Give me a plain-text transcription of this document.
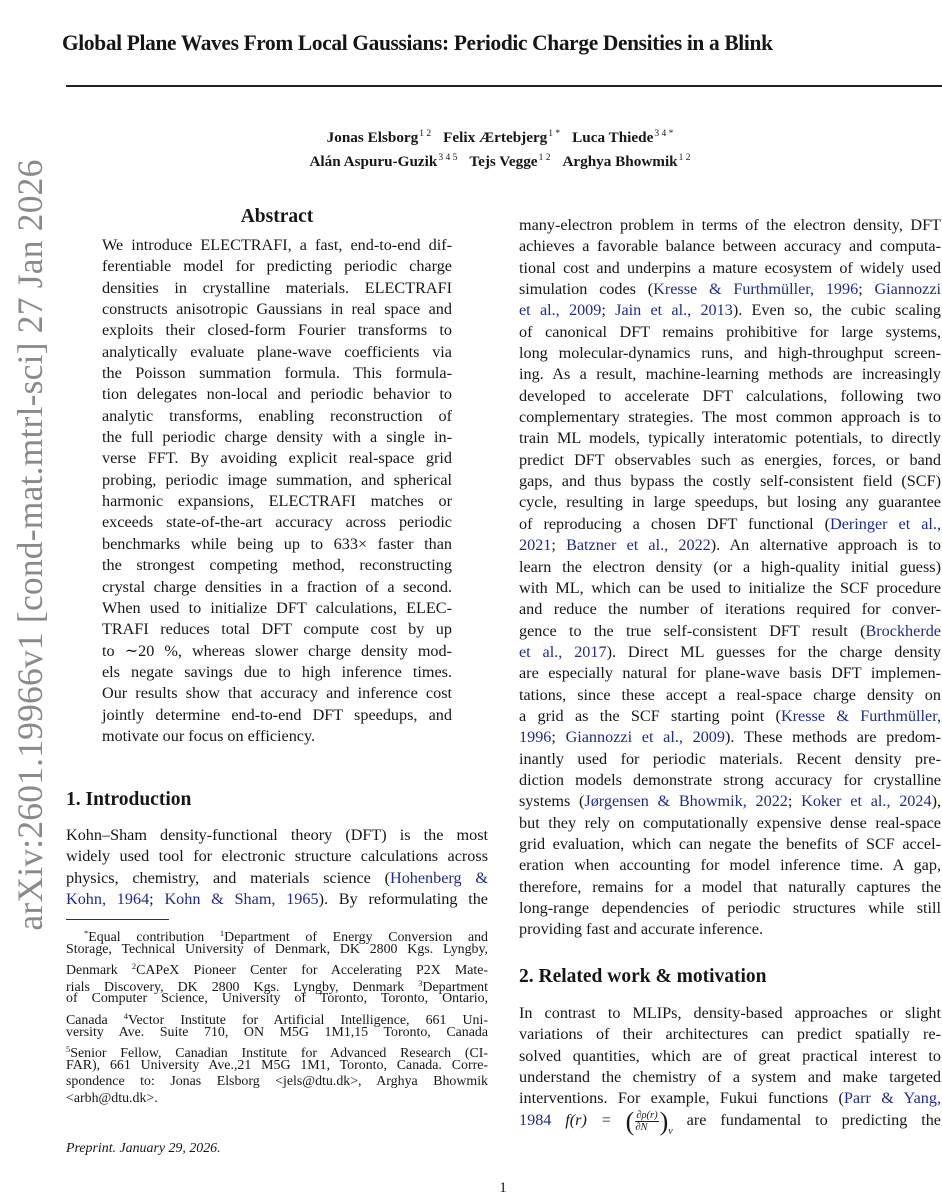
arXiv:2601.19966v1 [cond-mat.mtrl-sci] 27 Jan 2026
Global Plane Waves From Local Gaussians: Periodic Charge Densities in a Blink
Jonas Elsborg$^{1 2}$ Felix Ærtebjerg$^{1 *}$ Luca Thiede$^{3 4 *}$
Alán Aspuru-Guzik$^{3 4 5}$ Tejs Vegge$^{1 2}$ Arghya Bhowmik$^{1 2}$
Abstract
We introduce ELECTRAFI, a fast, end-to-end dif-
ferentiable model for predicting periodic charge
densities in crystalline materials. ELECTRAFI
constructs anisotropic Gaussians in real space and
exploits their closed-form Fourier transforms to
analytically evaluate plane-wave coefficients via
the Poisson summation formula. This formula-
tion delegates non-local and periodic behavior to
analytic transforms, enabling reconstruction of
the full periodic charge density with a single in-
verse FFT. By avoiding explicit real-space grid
probing, periodic image summation, and spherical
harmonic expansions, ELECTRAFI matches or
exceeds state-of-the-art accuracy across periodic
benchmarks while being up to 633× faster than
the strongest competing method, reconstructing
crystal charge densities in a fraction of a second.
When used to initialize DFT calculations, ELEC-
TRAFI reduces total DFT compute cost by up
to ∼20 %, whereas slower charge density mod-
els negate savings due to high inference times.
Our results show that accuracy and inference cost
jointly determine end-to-end DFT speedups, and
motivate our focus on efficiency.
1. Introduction
Kohn–Sham density-functional theory (DFT) is the most
widely used tool for electronic structure calculations across
physics, chemistry, and materials science (Hohenberg &
Kohn, 1964; Kohn & Sham, 1965). By reformulating the
*Equal contribution $^1$Department of Energy Conversion and
Storage, Technical University of Denmark, DK 2800 Kgs. Lyngby,
Denmark $^2$CAPeX Pioneer Center for Accelerating P2X Mate-
rials Discovery, DK 2800 Kgs. Lyngby, Denmark $^3$Department
of Computer Science, University of Toronto, Toronto, Ontario,
Canada $^4$Vector Institute for Artificial Intelligence, 661 Uni-
versity Ave. Suite 710, ON M5G 1M1,15 Toronto, Canada
$^5$Senior Fellow, Canadian Institute for Advanced Research (CI-
FAR), 661 University Ave.,21 M5G 1M1, Toronto, Canada. Corre-
spondence to: Jonas Elsborg <jels@dtu.dk>, Arghya Bhowmik
<arbh@dtu.dk>.
Preprint. January 29, 2026.
many-electron problem in terms of the electron density, DFT
achieves a favorable balance between accuracy and computa-
tional cost and underpins a mature ecosystem of widely used
simulation codes (Kresse & Furthmüller, 1996; Giannozzi
et al., 2009; Jain et al., 2013). Even so, the cubic scaling
of canonical DFT remains prohibitive for large systems,
long molecular-dynamics runs, and high-throughput screen-
ing. As a result, machine-learning methods are increasingly
developed to accelerate DFT calculations, following two
complementary strategies. The most common approach is to
train ML models, typically interatomic potentials, to directly
predict DFT observables such as energies, forces, or band
gaps, and thus bypass the costly self-consistent field (SCF)
cycle, resulting in large speedups, but losing any guarantee
of reproducing a chosen DFT functional (Deringer et al.,
2021; Batzner et al., 2022). An alternative approach is to
learn the electron density (or a high-quality initial guess)
with ML, which can be used to initialize the SCF procedure
and reduce the number of iterations required for conver-
gence to the true self-consistent DFT result (Brockherde
et al., 2017). Direct ML guesses for the charge density
are especially natural for plane-wave basis DFT implemen-
tations, since these accept a real-space charge density on
a grid as the SCF starting point (Kresse & Furthmüller,
1996; Giannozzi et al., 2009). These methods are predom-
inantly used for periodic materials. Recent density pre-
diction models demonstrate strong accuracy for crystalline
systems (Jørgensen & Bhowmik, 2022; Koker et al., 2024),
but they rely on computationally expensive dense real-space
grid evaluation, which can negate the benefits of SCF accel-
eration when accounting for model inference time. A gap,
therefore, remains for a model that naturally captures the
long-range dependencies of periodic structures while still
providing fast and accurate inference.
2. Related work & motivation
In contrast to MLIPs, density-based approaches or slight
variations of their architectures can predict spatially re-
solved quantities, which are of great practical interest to
understand the chemistry of a system and make targeted
interventions. For example, Fukui functions (Parr & Yang,
1984 f(r) = ( $\frac{\partial\rho(r)}{\partial N} )_v$ are fundamental to predicting the
1
